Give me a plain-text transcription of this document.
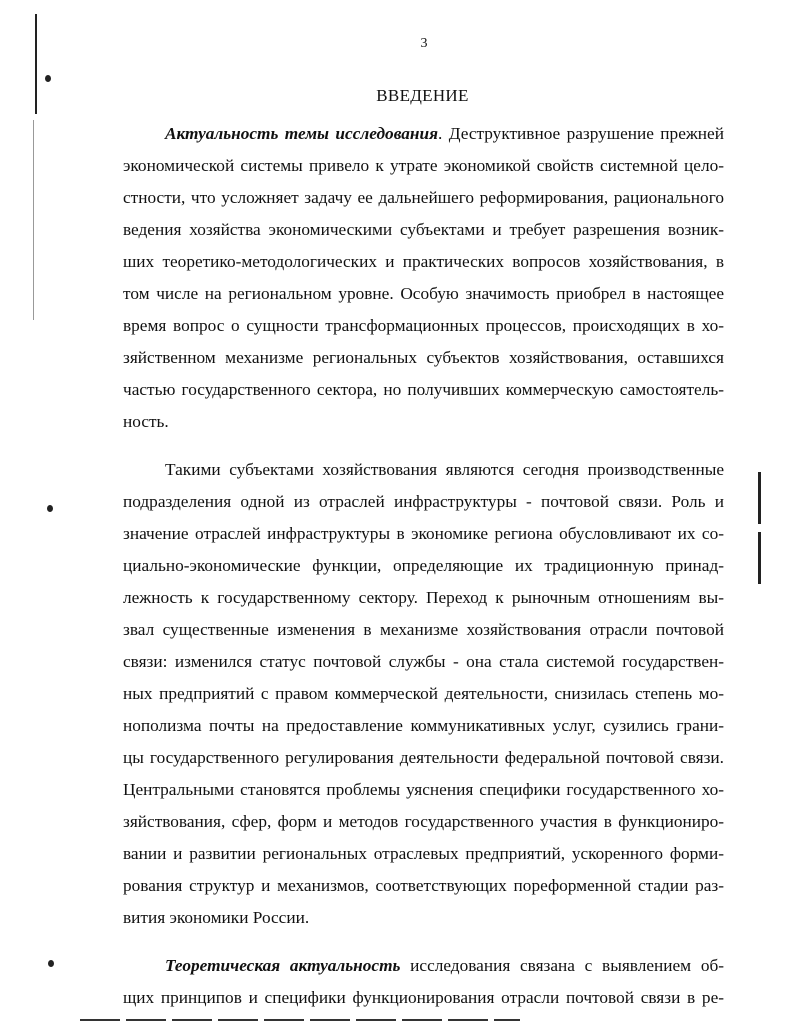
3
ВВЕДЕНИЕ
Актуальность темы исследования. Деструктивное разрушение прежней
экономической системы привело к утрате экономикой свойств системной цело-
стности, что усложняет задачу ее дальнейшего реформирования, рационального
ведения хозяйства экономическими субъектами и требует разрешения возник-
ших теоретико-методологических и практических вопросов хозяйствования, в
том числе на региональном уровне. Особую значимость приобрел в настоящее
время вопрос о сущности трансформационных процессов, происходящих в хо-
зяйственном механизме региональных субъектов хозяйствования, оставшихся
частью государственного сектора, но получивших коммерческую самостоятель-
ность.
Такими субъектами хозяйствования являются сегодня производственные
подразделения одной из отраслей инфраструктуры - почтовой связи. Роль и
значение отраслей инфраструктуры в экономике региона обусловливают их со-
циально-экономические функции, определяющие их традиционную принад-
лежность к государственному сектору. Переход к рыночным отношениям вы-
звал существенные изменения в механизме хозяйствования отрасли почтовой
связи: изменился статус почтовой службы - она стала системой государствен-
ных предприятий с правом коммерческой деятельности, снизилась степень мо-
нополизма почты на предоставление коммуникативных услуг, сузились грани-
цы государственного регулирования деятельности федеральной почтовой связи.
Центральными становятся проблемы уяснения специфики государственного хо-
зяйствования, сфер, форм и методов государственного участия в функциониро-
вании и развитии региональных отраслевых предприятий, ускоренного форми-
рования структур и механизмов, соответствующих пореформенной стадии раз-
вития экономики России.
Теоретическая актуальность исследования связана с выявлением об-
щих принципов и специфики функционирования отрасли почтовой связи в ре-
